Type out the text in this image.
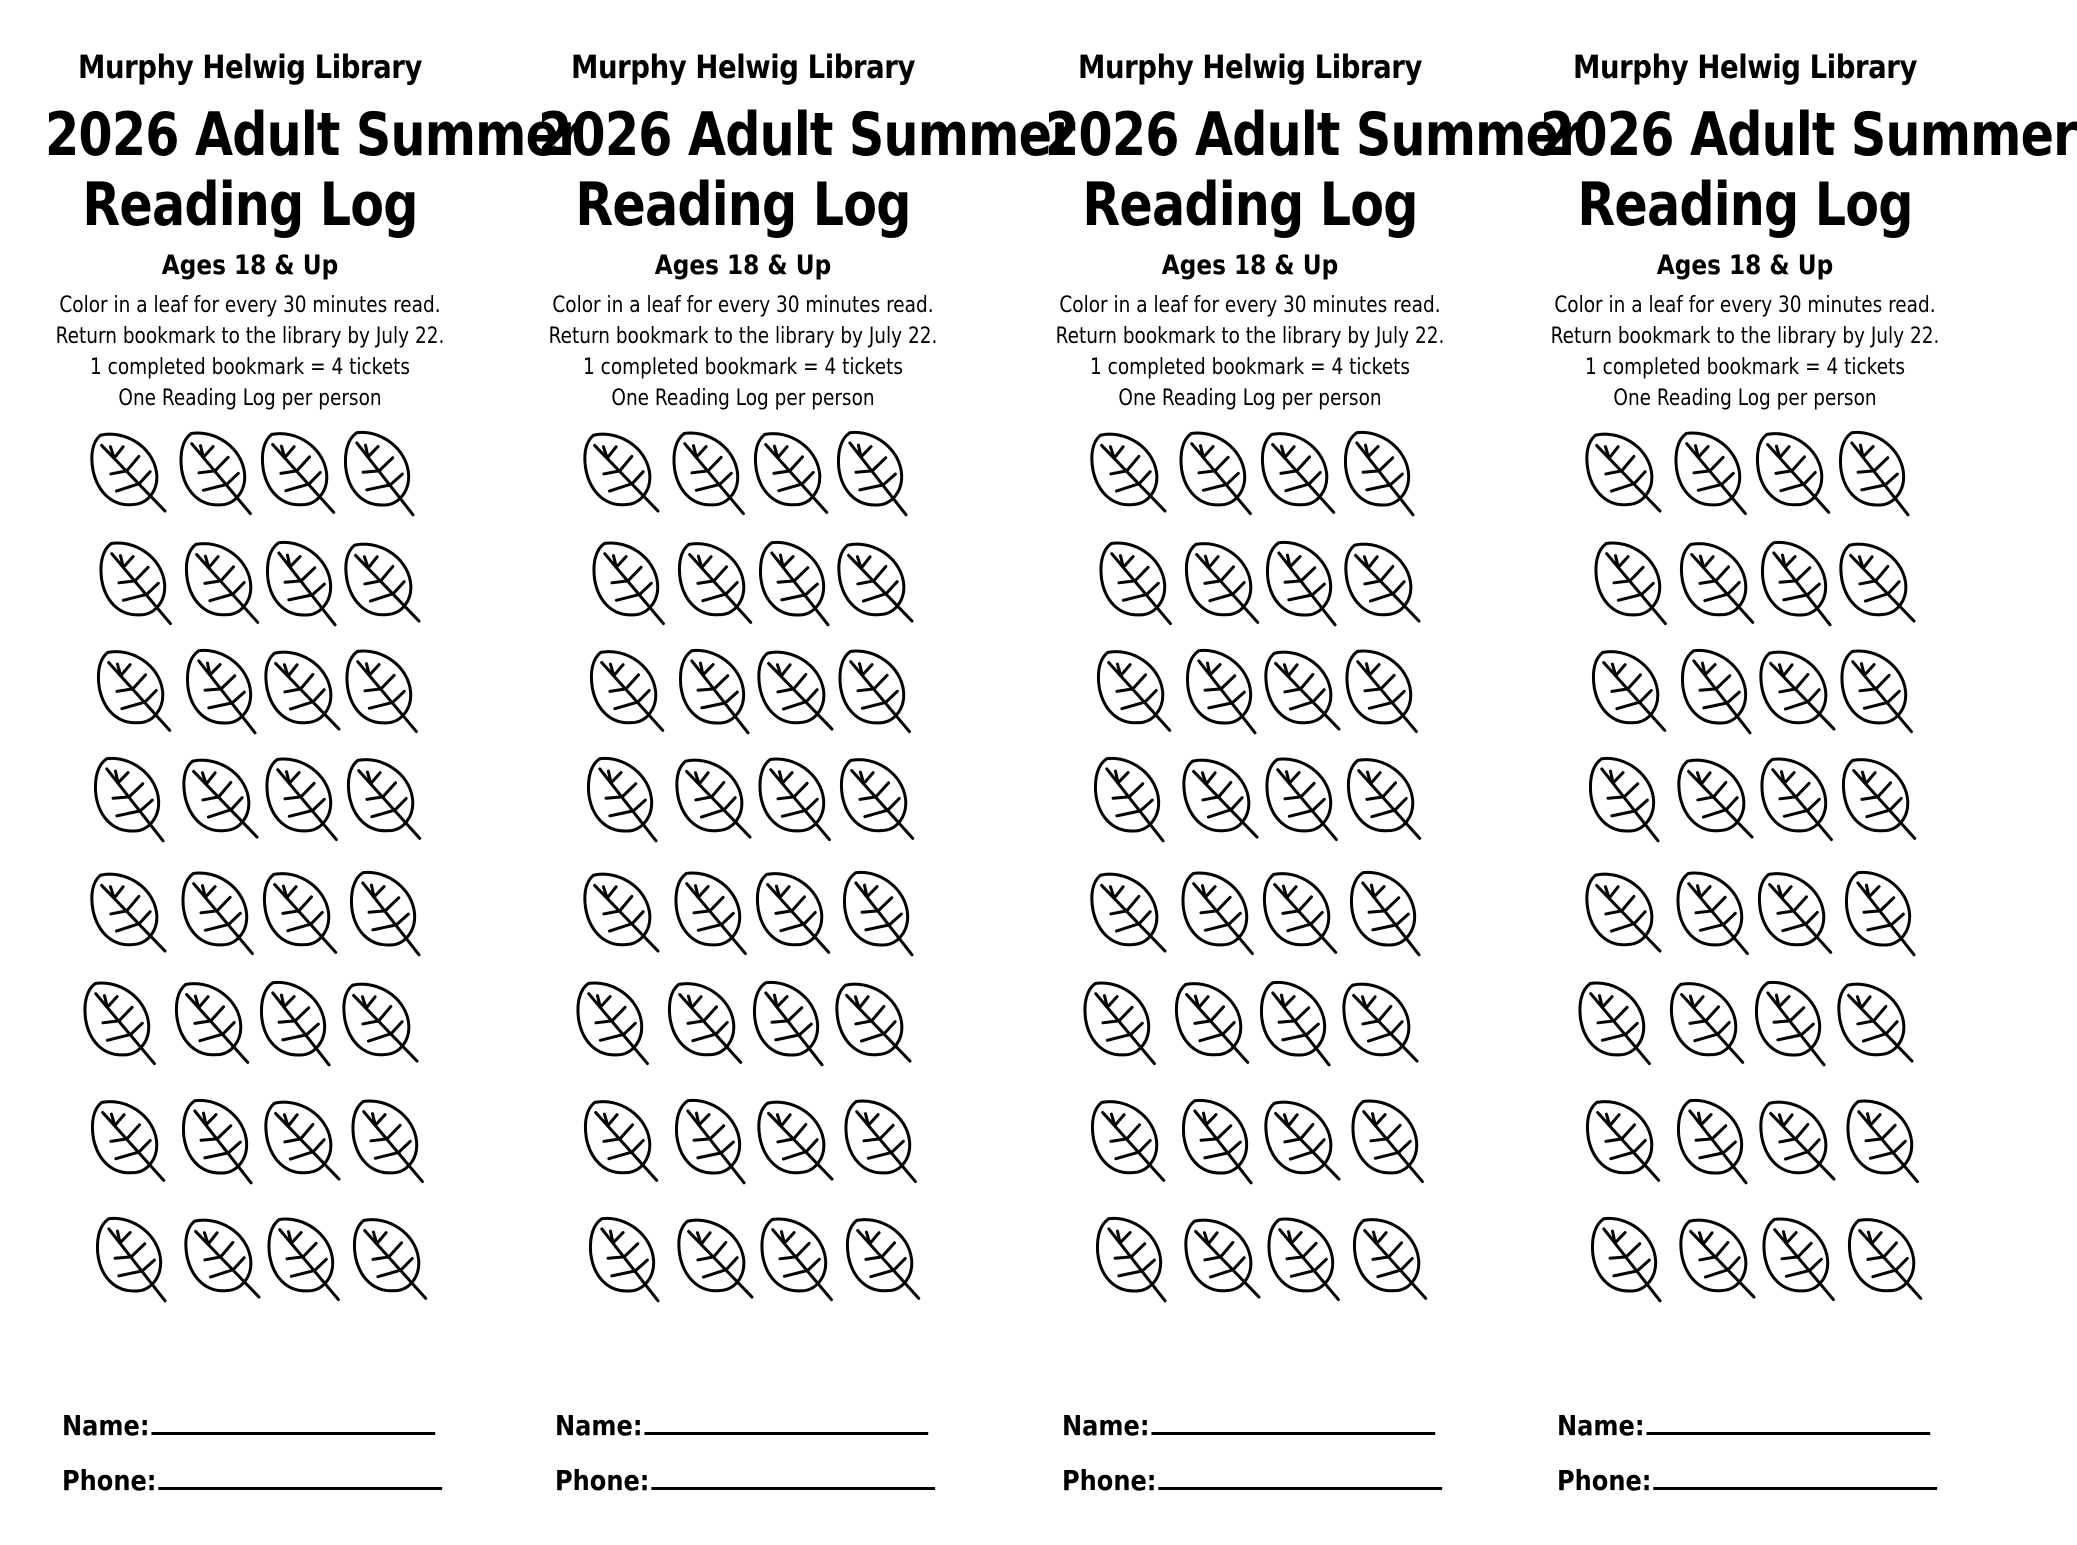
Murphy Helwig Library
2026 Adult Summer
Reading Log
Ages 18 & Up
Color in a leaf for every 30 minutes read.
Return bookmark to the library by July 22.
1 completed bookmark = 4 tickets
One Reading Log per person
Name:
Phone:
Murphy Helwig Library
2026 Adult Summer
Reading Log
Ages 18 & Up
Color in a leaf for every 30 minutes read.
Return bookmark to the library by July 22.
1 completed bookmark = 4 tickets
One Reading Log per person
Name:
Phone:
Murphy Helwig Library
2026 Adult Summer
Reading Log
Ages 18 & Up
Color in a leaf for every 30 minutes read.
Return bookmark to the library by July 22.
1 completed bookmark = 4 tickets
One Reading Log per person
Name:
Phone:
Murphy Helwig Library
2026 Adult Summer
Reading Log
Ages 18 & Up
Color in a leaf for every 30 minutes read.
Return bookmark to the library by July 22.
1 completed bookmark = 4 tickets
One Reading Log per person
Name:
Phone:
